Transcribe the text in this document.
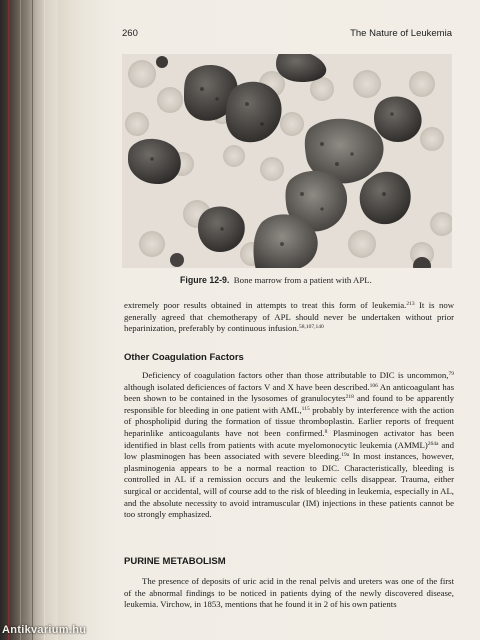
260	The Nature of Leukemia
Figure 12-9. Bone marrow from a patient with APL.

extremely poor results obtained in attempts to treat this form of leukemia.$^{213}$ It is now generally agreed that chemotherapy of APL should never be undertaken without prior heparinization, preferably by continuous infusion.$^{58,107,140}$

Other Coagulation Factors

Deficiency of coagulation factors other than those attributable to DIC is uncommon,$^{79}$ although isolated deficiences of factors V and X have been described.$^{106}$ An anticoagulant has been shown to be contained in the lysosomes of granulocytes$^{218}$ and found to be apparently responsible for bleeding in one patient with AML,$^{115}$ probably by interference with the action of phospholipid during the formation of tissue thromboplastin. Earlier reports of frequent heparinlike anticoagulants have not been confirmed.$^8$ Plasminogen activator has been identified in blast cells from patients with acute myelomonocytic leukemia (AMML)$^{264a}$ and low plasminogen has been associated with severe bleeding.$^{19a}$ In most instances, however, plasminogenia appears to be a normal reaction to DIC. Characteristically, bleeding is controlled in AL if a remission occurs and the leukemic cells disappear. Trauma, either surgical or accidental, will of course add to the risk of bleeding in leukemia, especially in AL, and the absolute necessity to avoid intramuscular (IM) injections in these patients cannot be too strongly emphasized.

PURINE METABOLISM

The presence of deposits of uric acid in the renal pelvis and ureters was one of the first of the abnormal findings to be noticed in patients dying of the newly discovered disease, leukemia. Virchow, in 1853, mentions that he found it in 2 of his own patients

Antikvarium.hu
